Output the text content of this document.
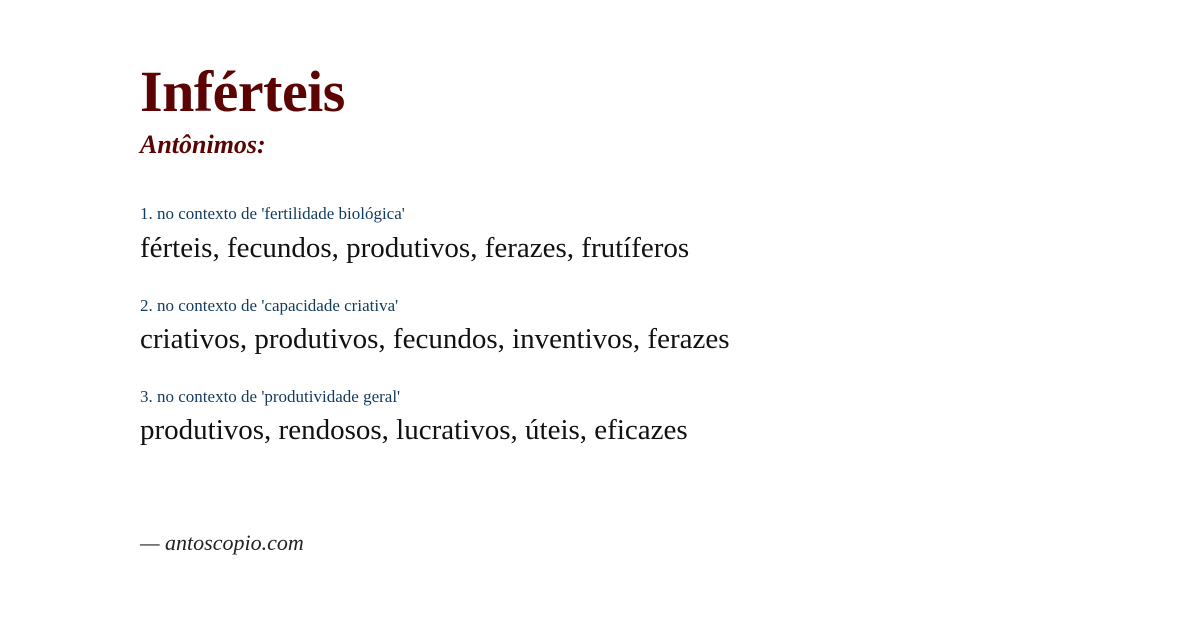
Inférteis
Antônimos:

1. no contexto de 'fertilidade biológica'

férteis, fecundos, produtivos, ferazes, frutíferos

2. no contexto de 'capacidade criativa'

criativos, produtivos, fecundos, inventivos, ferazes

3. no contexto de 'produtividade geral'

produtivos, rendosos, lucrativos, úteis, eficazes

— antoscopio.com
